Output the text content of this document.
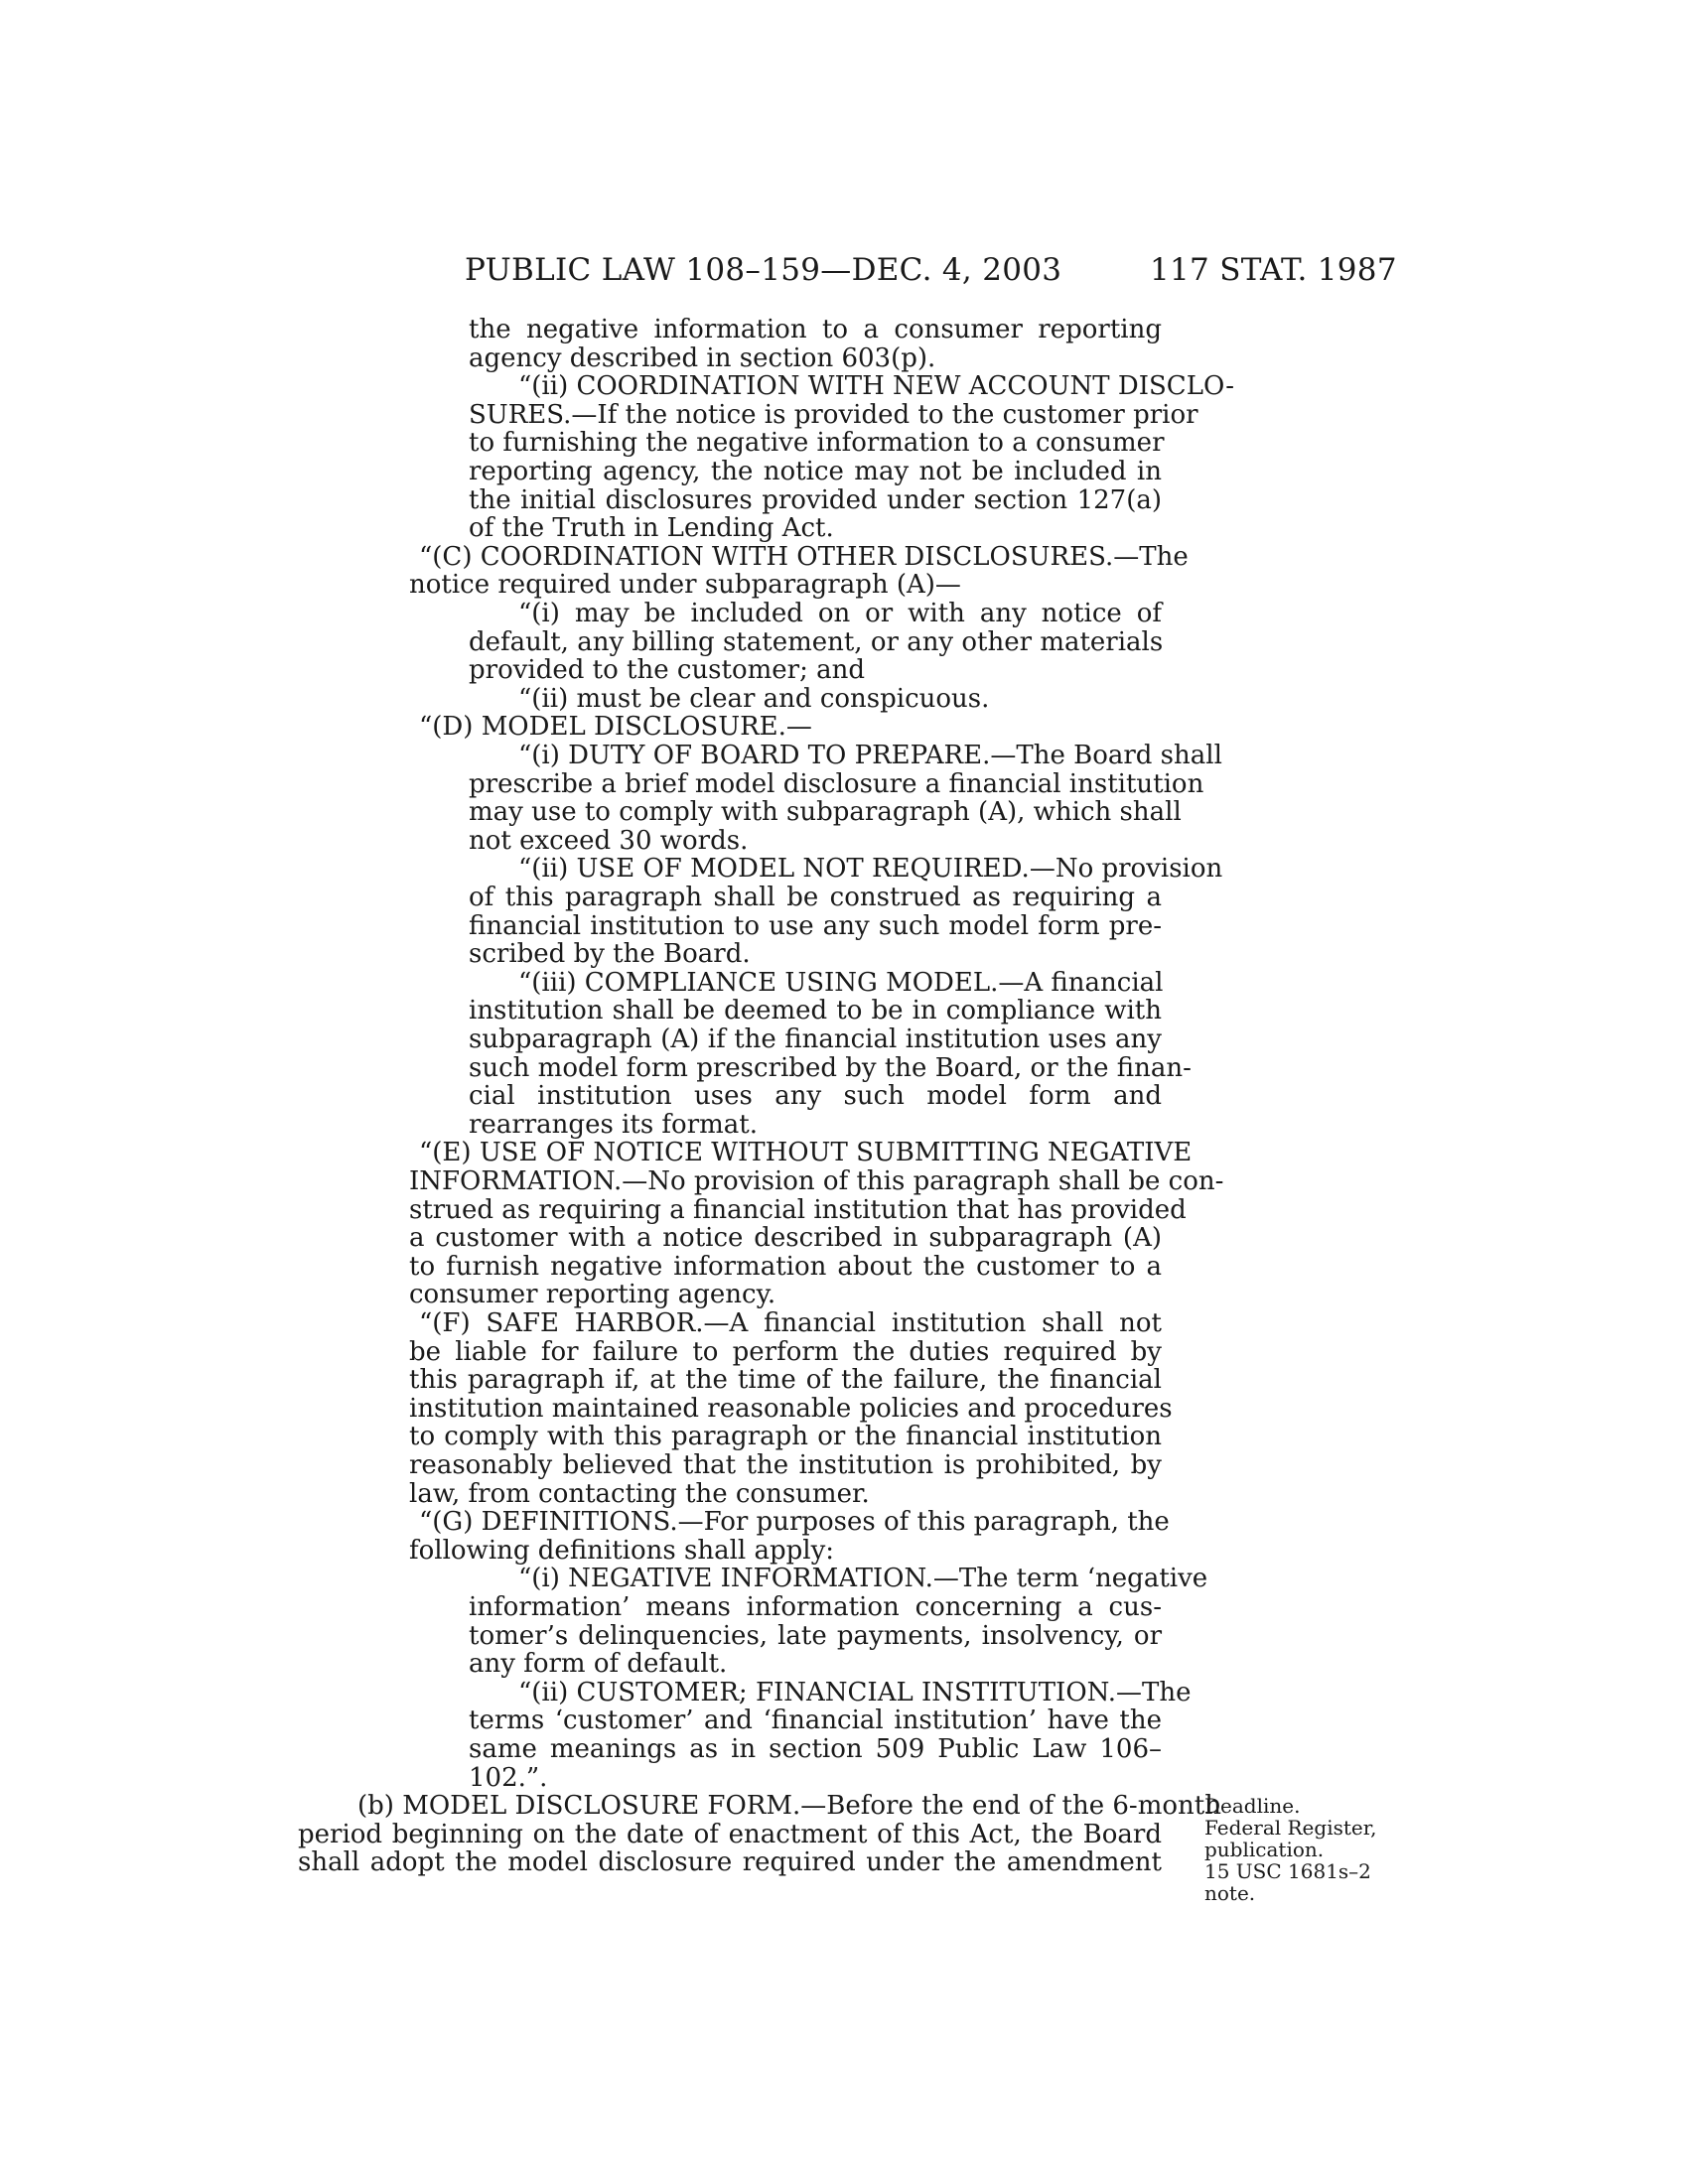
PUBLIC LAW 108–159—DEC. 4, 2003	117 STAT. 1987
the negative information to a consumer reporting
agency described in section 603(p).
“(ii) COORDINATION WITH NEW ACCOUNT DISCLO-
SURES.—If the notice is provided to the customer prior
to furnishing the negative information to a consumer
reporting agency, the notice may not be included in
the initial disclosures provided under section 127(a)
of the Truth in Lending Act.
“(C) COORDINATION WITH OTHER DISCLOSURES.—The
notice required under subparagraph (A)—
“(i) may be included on or with any notice of
default, any billing statement, or any other materials
provided to the customer; and
“(ii) must be clear and conspicuous.
“(D) MODEL DISCLOSURE.—
“(i) DUTY OF BOARD TO PREPARE.—The Board shall
prescribe a brief model disclosure a financial institution
may use to comply with subparagraph (A), which shall
not exceed 30 words.
“(ii) USE OF MODEL NOT REQUIRED.—No provision
of this paragraph shall be construed as requiring a
financial institution to use any such model form pre-
scribed by the Board.
“(iii) COMPLIANCE USING MODEL.—A financial
institution shall be deemed to be in compliance with
subparagraph (A) if the financial institution uses any
such model form prescribed by the Board, or the finan-
cial institution uses any such model form and
rearranges its format.
“(E) USE OF NOTICE WITHOUT SUBMITTING NEGATIVE
INFORMATION.—No provision of this paragraph shall be con-
strued as requiring a financial institution that has provided
a customer with a notice described in subparagraph (A)
to furnish negative information about the customer to a
consumer reporting agency.
“(F) SAFE HARBOR.—A financial institution shall not
be liable for failure to perform the duties required by
this paragraph if, at the time of the failure, the financial
institution maintained reasonable policies and procedures
to comply with this paragraph or the financial institution
reasonably believed that the institution is prohibited, by
law, from contacting the consumer.
“(G) DEFINITIONS.—For purposes of this paragraph, the
following definitions shall apply:
“(i) NEGATIVE INFORMATION.—The term ‘negative
information’ means information concerning a cus-
tomer’s delinquencies, late payments, insolvency, or
any form of default.
“(ii) CUSTOMER; FINANCIAL INSTITUTION.—The
terms ‘customer’ and ‘financial institution’ have the
same meanings as in section 509 Public Law 106–
102.”.
(b) MODEL DISCLOSURE FORM.—Before the end of the 6-month
period beginning on the date of enactment of this Act, the Board
shall adopt the model disclosure required under the amendment
Deadline.
Federal Register,
publication.
15 USC 1681s–2
note.
